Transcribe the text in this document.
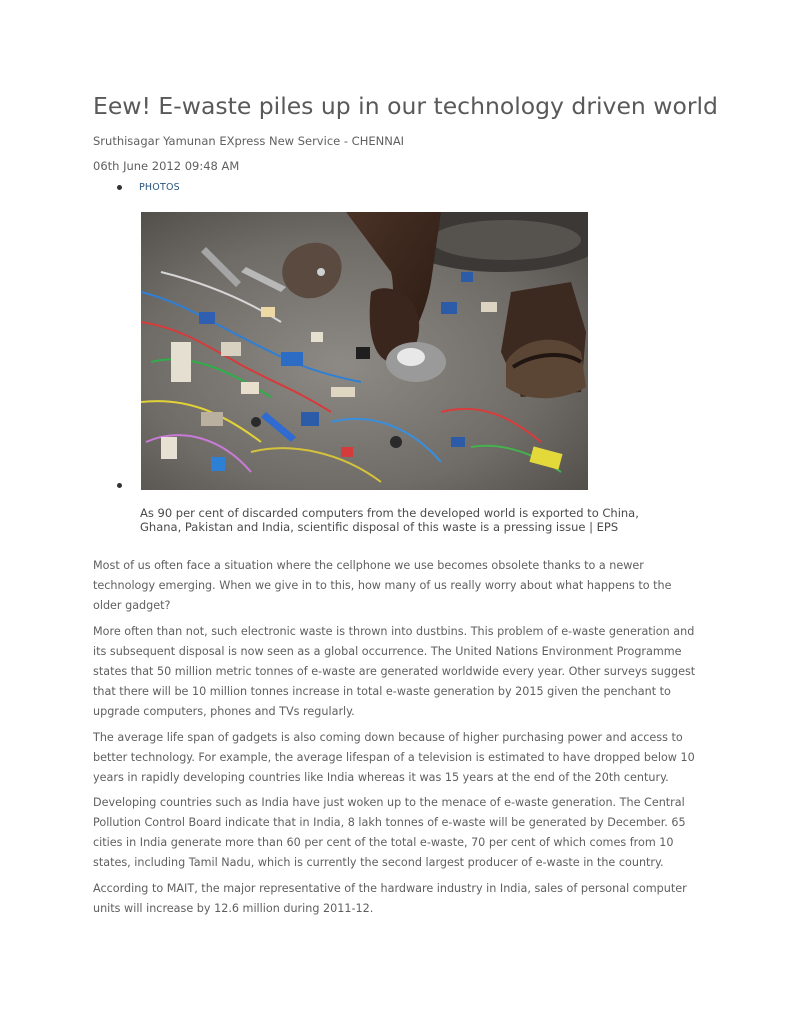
Eew! E-waste piles up in our technology driven world
Sruthisagar Yamunan EXpress New Service - CHENNAI
06th June 2012 09:48 AM
PHOTOS

As 90 per cent of discarded computers from the developed world is exported to China, Ghana, Pakistan and India, scientific disposal of this waste is a pressing issue | EPS

Most of us often face a situation where the cellphone we use becomes obsolete thanks to a newer technology emerging. When we give in to this, how many of us really worry about what happens to the older gadget?

More often than not, such electronic waste is thrown into dustbins. This problem of e-waste generation and its subsequent disposal is now seen as a global occurrence. The United Nations Environment Programme states that 50 million metric tonnes of e-waste are generated worldwide every year. Other surveys suggest that there will be 10 million tonnes increase in total e-waste generation by 2015 given the penchant to upgrade computers, phones and TVs regularly.

The average life span of gadgets is also coming down because of higher purchasing power and access to better technology. For example, the average lifespan of a television is estimated to have dropped below 10 years in rapidly developing countries like India whereas it was 15 years at the end of the 20th century.

Developing countries such as India have just woken up to the menace of e-waste generation. The Central Pollution Control Board indicate that in India, 8 lakh tonnes of e-waste will be generated by December. 65 cities in India generate more than 60 per cent of the total e-waste, 70 per cent of which comes from 10 states, including Tamil Nadu, which is currently the second largest producer of e-waste in the country.

According to MAIT, the major representative of the hardware industry in India, sales of personal computer units will increase by 12.6 million during 2011-12.
